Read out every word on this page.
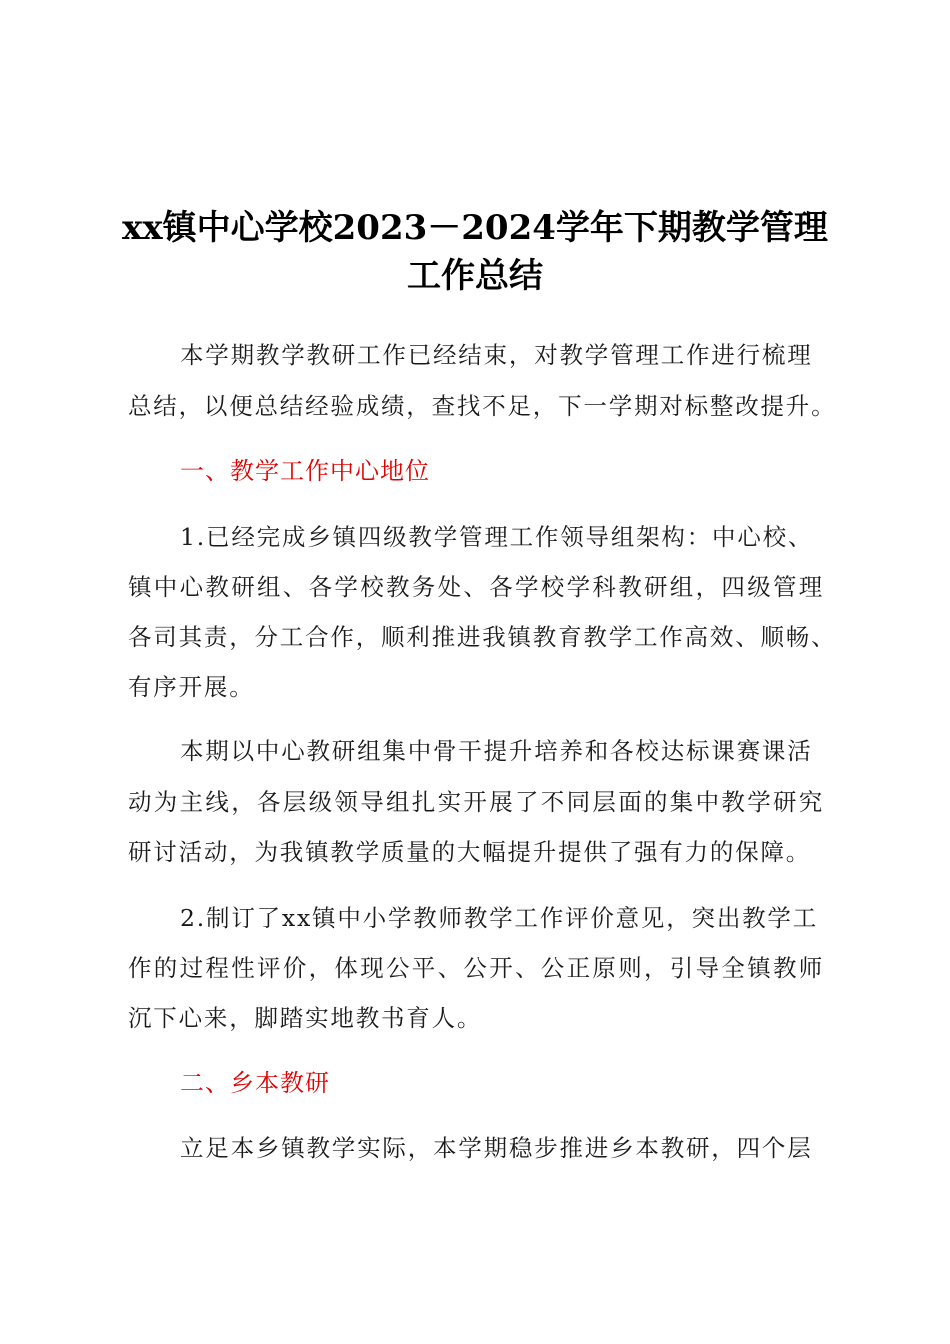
xx镇中心学校2023－2024学年下期教学管理
工作总结
本学期教学教研工作已经结束，对教学管理工作进行梳理
总结，以便总结经验成绩，查找不足，下一学期对标整改提升。
一、教学工作中心地位
1.已经完成乡镇四级教学管理工作领导组架构：中心校、
镇中心教研组、各学校教务处、各学校学科教研组，四级管理
各司其责，分工合作，顺利推进我镇教育教学工作高效、顺畅、
有序开展。
本期以中心教研组集中骨干提升培养和各校达标课赛课活
动为主线，各层级领导组扎实开展了不同层面的集中教学研究
研讨活动，为我镇教学质量的大幅提升提供了强有力的保障。
2.制订了xx镇中小学教师教学工作评价意见，突出教学工
作的过程性评价，体现公平、公开、公正原则，引导全镇教师
沉下心来，脚踏实地教书育人。
二、乡本教研
立足本乡镇教学实际，本学期稳步推进乡本教研，四个层
